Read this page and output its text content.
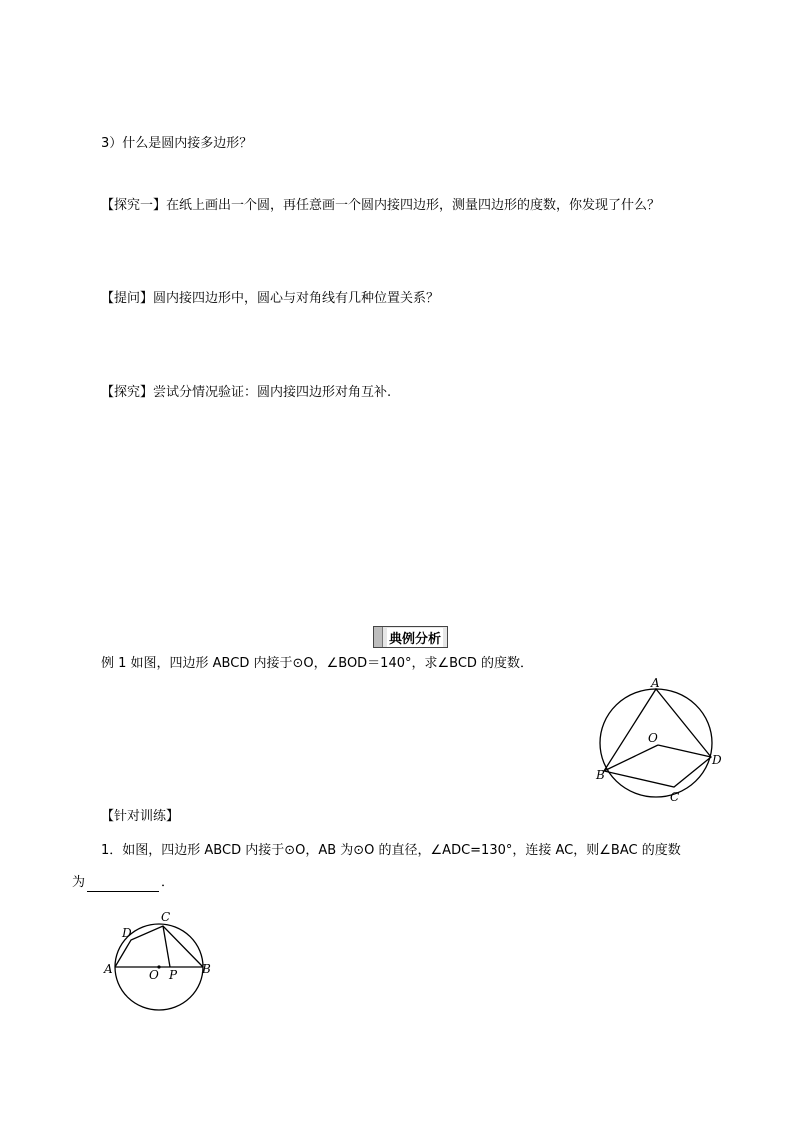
3）什么是圆内接多边形？
【探究一】在纸上画出一个圆，再任意画一个圆内接四边形，测量四边形的度数，你发现了什么？
【提问】圆内接四边形中，圆心与对角线有几种位置关系？
【探究】尝试分情况验证：圆内接四边形对角互补.
典例分析
例 1 如图，四边形 ABCD 内接于⊙O，∠BOD＝140°，求∠BCD 的度数．
A
O
B
C
D
【针对训练】
1．如图，四边形 ABCD 内接于⊙O，AB 为⊙O 的直径，∠ADC=130°，连接 AC，则∠BAC 的度数
为	．
C
D
A	O P B
